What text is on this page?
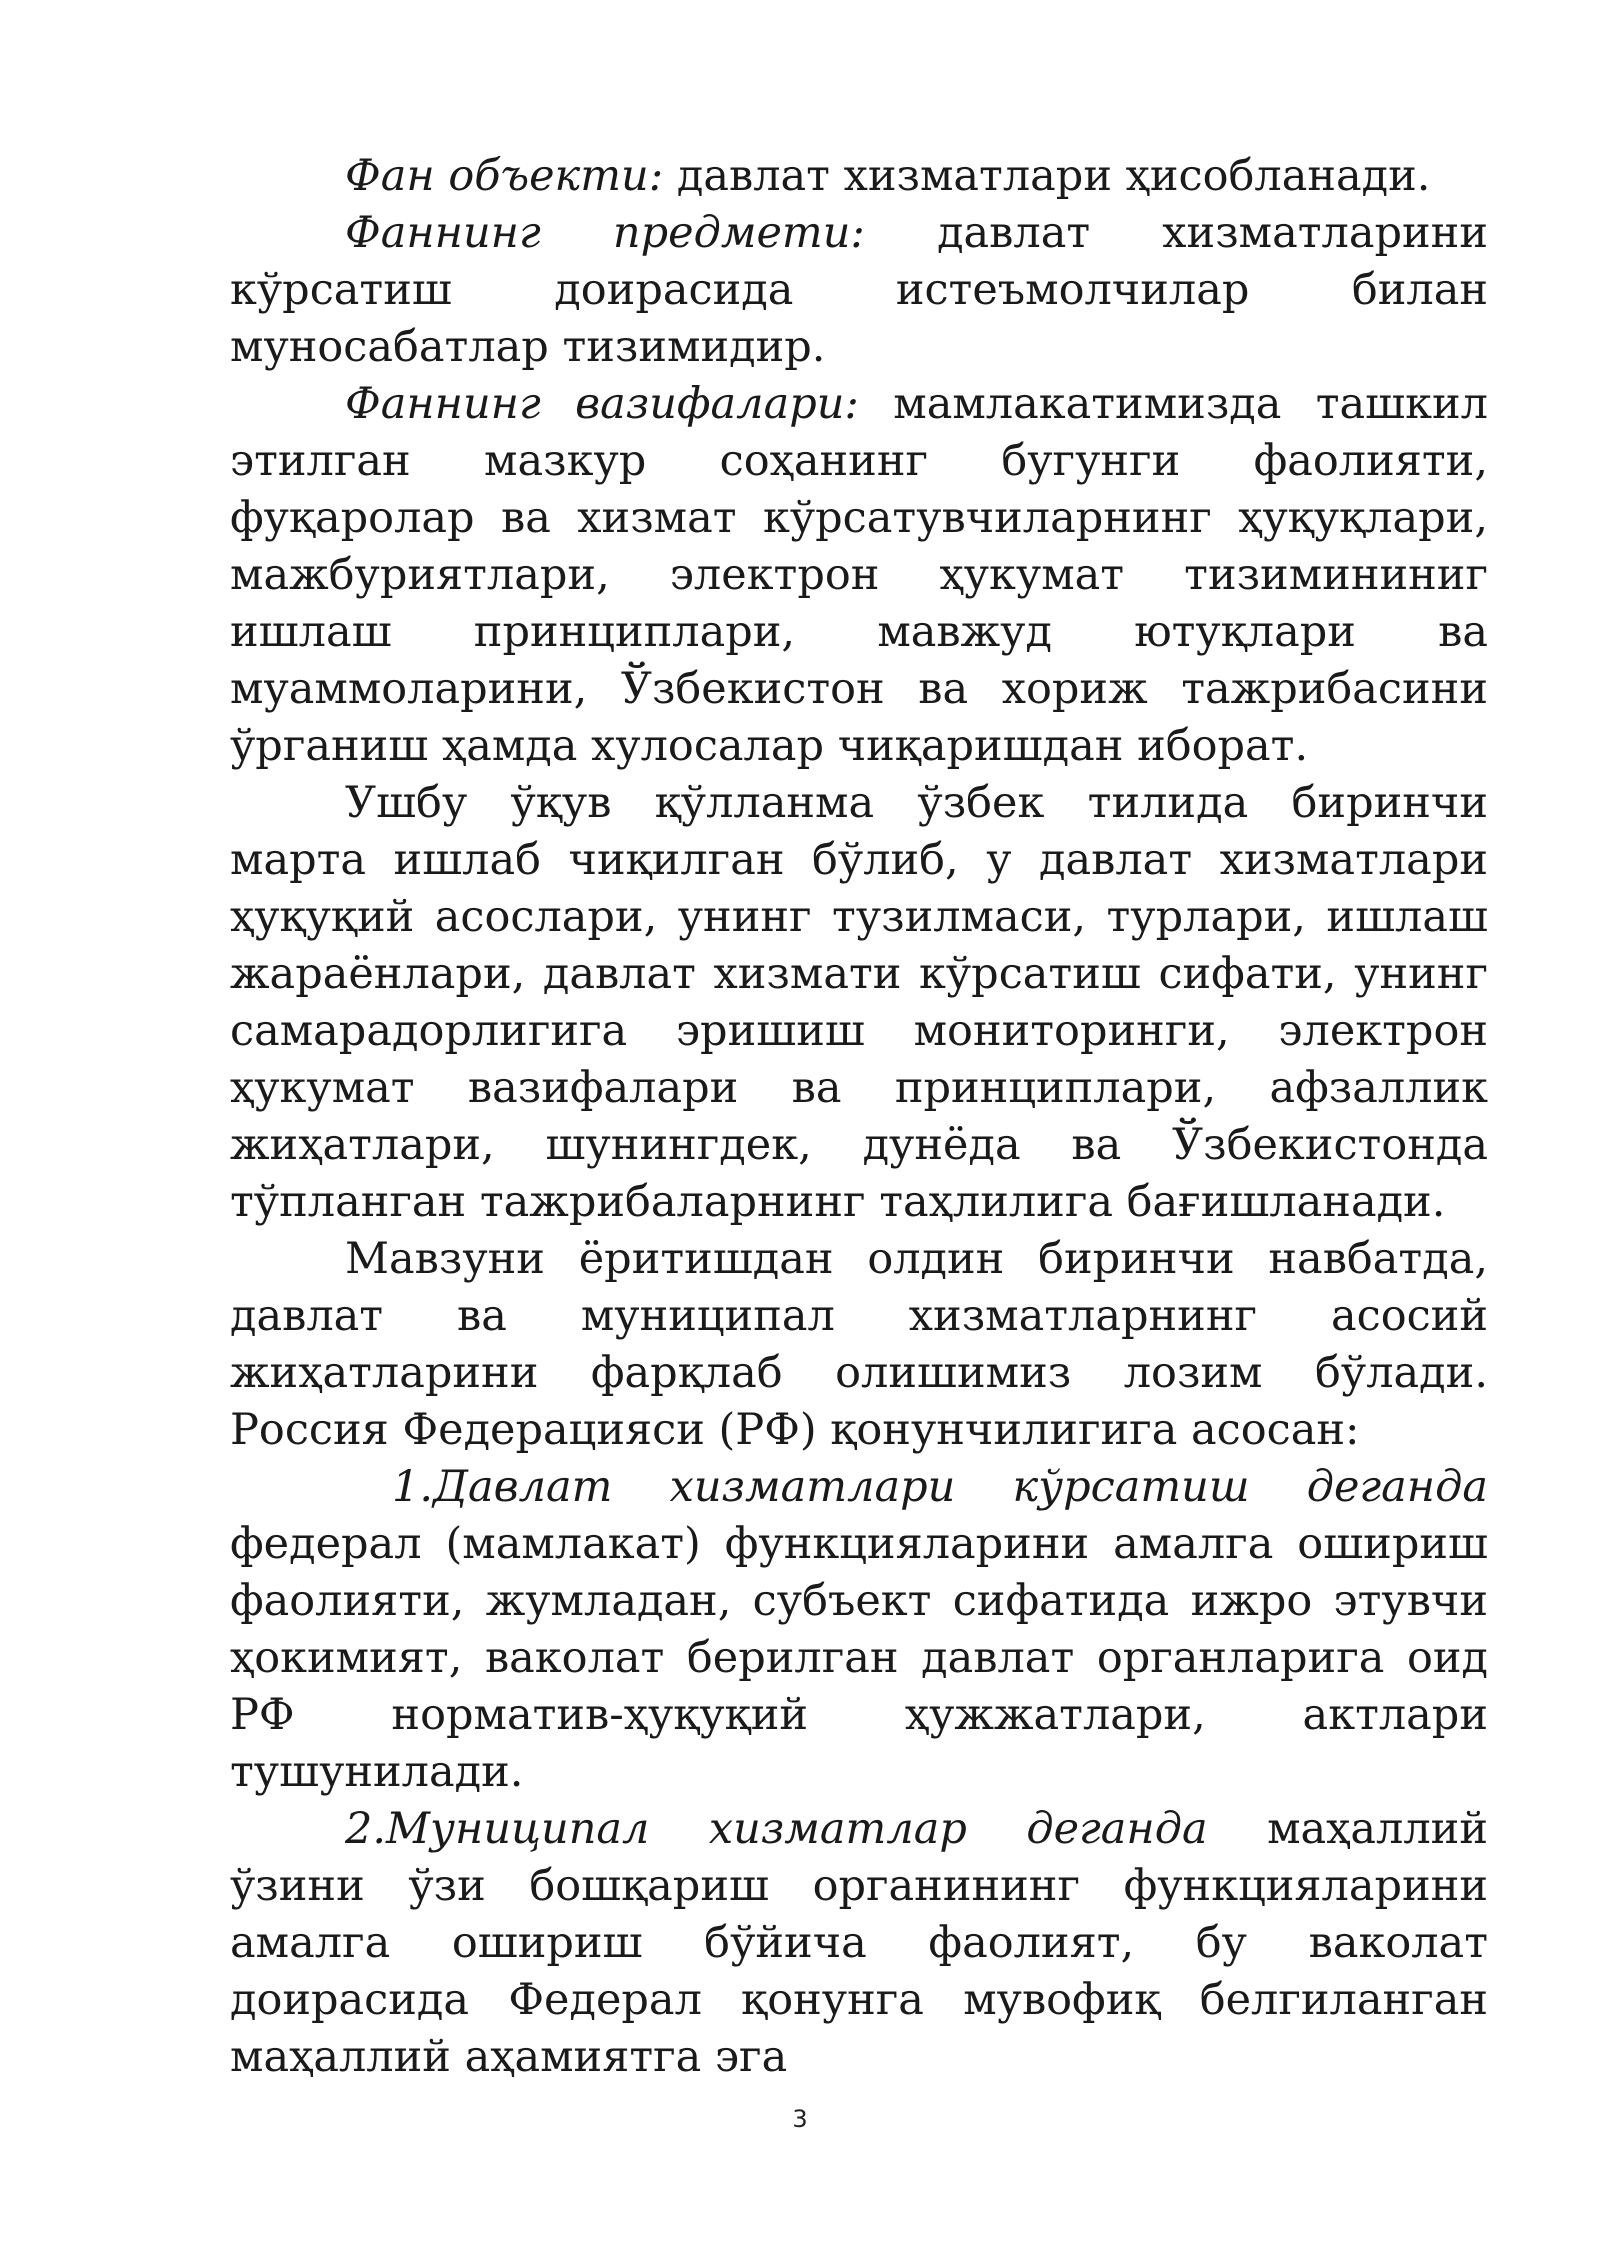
Фан объекти: давлат хизматлари ҳисобланади.

Фаннинг предмети: давлат хизматларини кўрсатиш доирасида истеъмолчилар билан муносабатлар тизимидир.

Фаннинг вазифалари: мамлакатимизда ташкил этилган мазкур соҳанинг бугунги фаолияти, фуқаролар ва хизмат кўрсатувчиларнинг ҳуқуқлари, мажбуриятлари, электрон ҳукумат тизимининиг ишлаш принциплари, мавжуд ютуқлари ва муаммоларини, Ўзбекистон ва хориж тажрибасини ўрганиш ҳамда хулосалар чиқаришдан иборат.

Ушбу ўқув қўлланма ўзбек тилида биринчи марта ишлаб чиқилган бўлиб, у давлат хизматлари ҳуқуқий асослари, унинг тузилмаси, турлари, ишлаш жараёнлари, давлат хизмати кўрсатиш сифати, унинг самарадорлигига эришиш мониторинги, электрон ҳукумат вазифалари ва принциплари, афзаллик жиҳатлари, шунингдек, дунёда ва Ўзбекистонда тўпланган тажрибаларнинг таҳлилига бағишланади.

Мавзуни ёритишдан олдин биринчи навбатда, давлат ва муниципал хизматларнинг асосий жиҳатларини фарқлаб олишимиз лозим бўлади. Россия Федерацияси (РФ) қонунчилигига асосан:

1.Давлат хизматлари кўрсатиш деганда федерал (мамлакат) функцияларини амалга ошириш фаолияти, жумладан, субъект сифатида ижро этувчи ҳокимият, ваколат берилган давлат органларига оид РФ норматив-ҳуқуқий ҳужжатлари, актлари тушунилади.

2.Муниципал хизматлар деганда маҳаллий ўзини ўзи бошқариш органининг функцияларини амалга ошириш бўйича фаолият, бу ваколат доирасида Федерал қонунга мувофиқ белгиланган маҳаллий аҳамиятга эга

3
